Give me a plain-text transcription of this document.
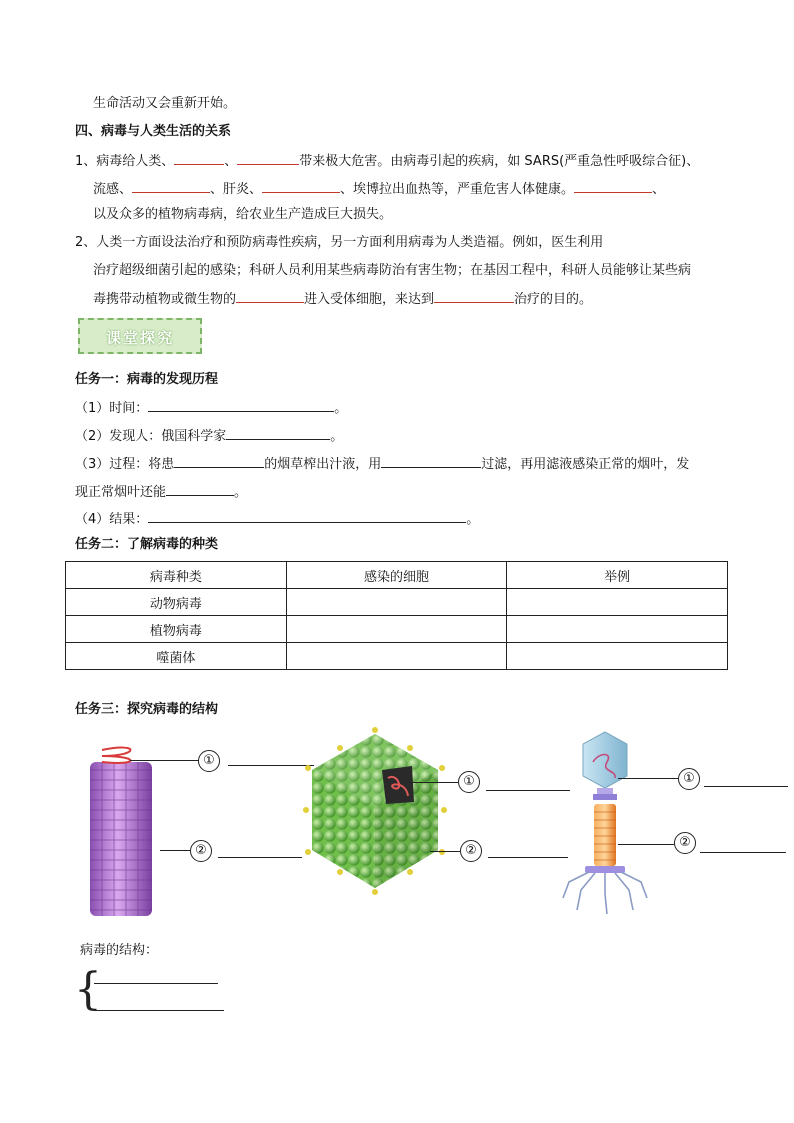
生命活动又会重新开始。
四、病毒与人类生活的关系
1、病毒给人类、	、	带来极大危害。由病毒引起的疾病，如 SARS(严重急性呼吸综合征)、
流感、	、肝炎、	、埃博拉出血热等，严重危害人体健康。	、
以及众多的植物病毒病，给农业生产造成巨大损失。
2、人类一方面设法治疗和预防病毒性疾病，另一方面利用病毒为人类造福。例如，医生利用
治疗超级细菌引起的感染；科研人员利用某些病毒防治有害生物；在基因工程中，科研人员能够让某些病
毒携带动植物或微生物的	进入受体细胞，来达到	治疗的目的。
课堂探究
任务一：病毒的发现历程
（1）时间：	。
（2）发现人：俄国科学家	。
（3）过程：将患	的烟草榨出汁液，用	过滤，再用滤液感染正常的烟叶，发
现正常烟叶还能	。
（4）结果：	。
任务二：了解病毒的种类
病毒种类	感染的细胞	举例
动物病毒		
植物病毒		
噬菌体		
任务三：探究病毒的结构
①
②
①
②
①
②
病毒的结构：
{
